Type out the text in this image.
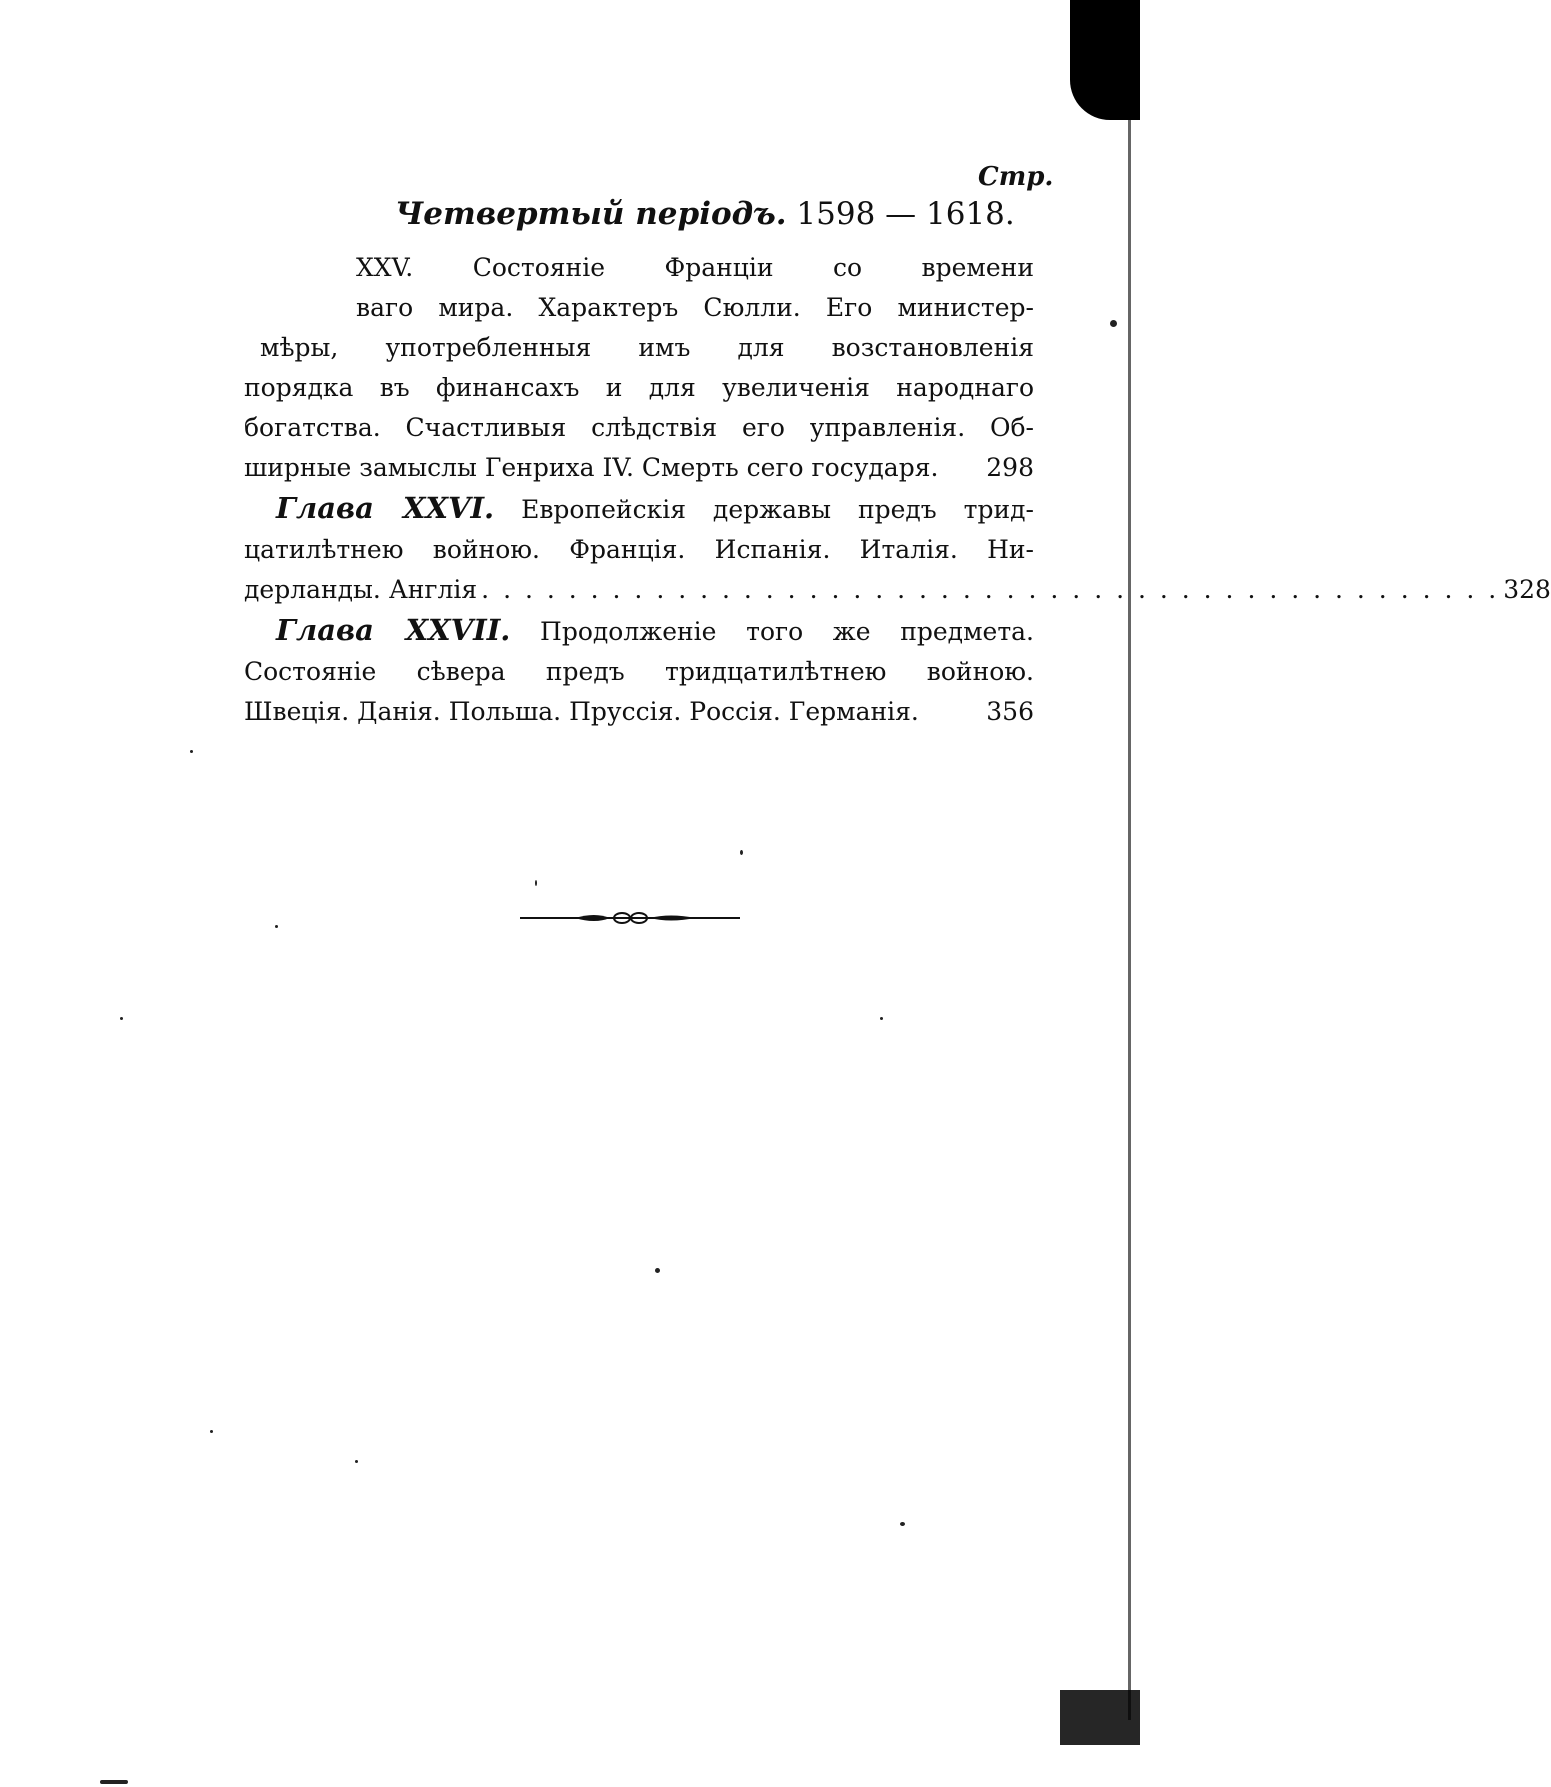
Стр.
Четвертый періодъ. 1598 — 1618.
XXV. Состояніе Франціи со времени
ваго мира. Характеръ Сюлли. Его министер-
мѣры, употребленныя имъ для возстановленія
порядка въ финансахъ и для увеличенія народнаго
богатства. Счастливыя слѣдствія его управленія. Об-
ширные замыслы Генриха IV. Смерть сего государя. 298
Глава XXVI. Европейскія державы предъ трид-
цатилѣтнею войною. Франція. Испанія. Италія. Ни-
дерланды. Англія . . . . . . . . . . . . . . . . . . . . . . . . . . . . . . . . . . . . . . . . . . . . . . . 328
Глава XXVII. Продолженіе того же предмета.
Состояніе сѣвера предъ тридцатилѣтнею войною.
Швеція. Данія. Польша. Пруссія. Россія. Германія.	356
